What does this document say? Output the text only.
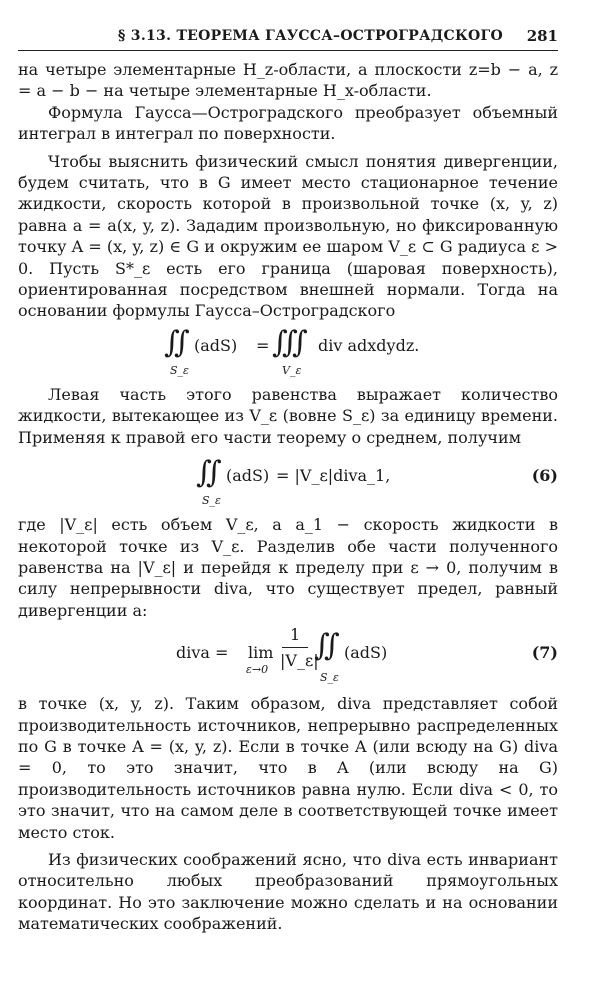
§ 3.13. ТЕОРЕМА ГАУССА–ОСТРОГРАДСКОГО 281

на четыре элементарные H_z-области, а плоскости z=b − a, z = a − b − на четыре элементарные H_x-области.

Формула Гаусса—Остроградского преобразует объемный интеграл в интеграл по поверхности.

Чтобы выяснить физический смысл понятия дивергенции, будем считать, что в G имеет место стационарное течение жидкости, скорость которой в произвольной точке (x, y, z) равна a = a(x, y, z). Зададим произвольную, но фиксированную точку A = (x, y, z) ∈ G и окружим ее шаром V_ε ⊂ G радиуса ε > 0. Пусть S*_ε есть его граница (шаровая поверхность), ориентированная посредством внешней нормали. Тогда на основании формулы Гаусса–Остроградского

∬ (adS)
S_ε
= ∭ div adxdydz.
V_ε

Левая часть этого равенства выражает количество жидкости, вытекающее из V_ε (вовне S_ε) за единицу времени. Применяя к правой его части теорему о среднем, получим

∬ (adS)
S_ε
= |V_ε|diva_1,	(6)

где |V_ε| есть объем V_ε, а a_1 − скорость жидкости в некоторой точке из V_ε. Разделив обе части полученного равенства на |V_ε| и перейдя к пределу при ε → 0, получим в силу непрерывности diva, что существует предел, равный дивергенции a:

diva = lim
ε→0
1
|V_ε|
∬ (adS)
S_ε
(7)

в точке (x, y, z). Таким образом, diva представляет собой производительность источников, непрерывно распределенных по G в точке A = (x, y, z). Если в точке A (или всюду на G) diva = 0, то это значит, что в A (или всюду на G) производительность источников равна нулю. Если diva < 0, то это значит, что на самом деле в соответствующей точке имеет место сток.

Из физических соображений ясно, что diva есть инвариант относительно любых преобразований прямоугольных координат. Но это заключение можно сделать и на основании математических соображений.
